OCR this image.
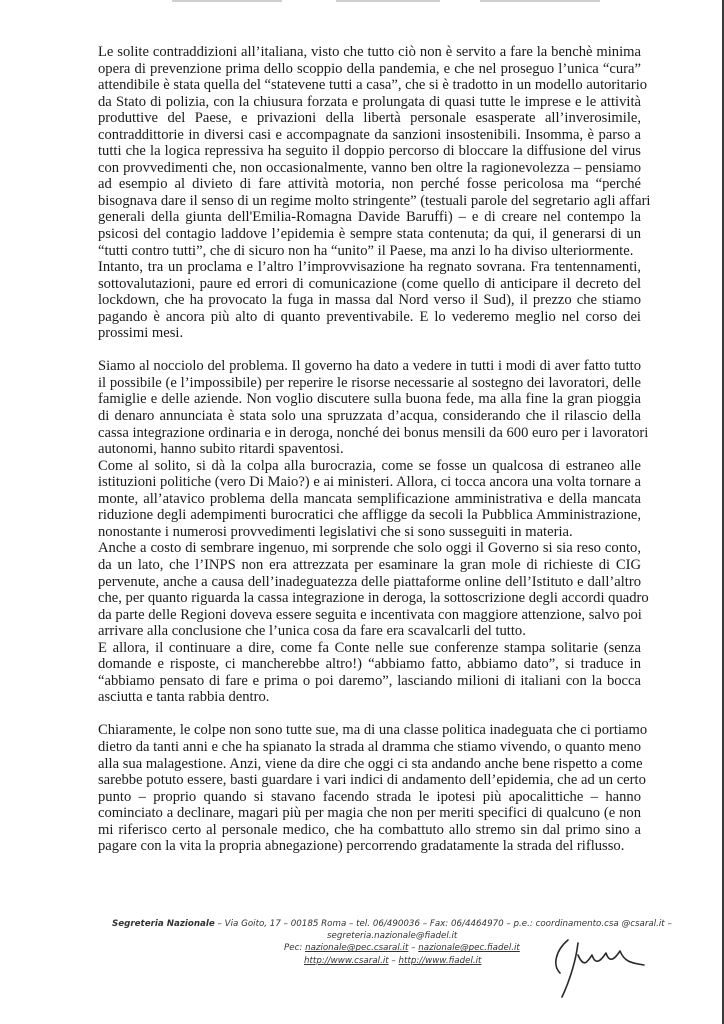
Le solite contraddizioni all’italiana, visto che tutto ciò non è servito a fare la benchè minima
opera di prevenzione prima dello scoppio della pandemia, e che nel proseguo l’unica “cura”
attendibile è stata quella del “statevene tutti a casa”, che si è tradotto in un modello autoritario
da Stato di polizia, con la chiusura forzata e prolungata di quasi tutte le imprese e le attività
produttive del Paese, e privazioni della libertà personale esasperate all’inverosimile,
contraddittorie in diversi casi e accompagnate da sanzioni insostenibili. Insomma, è parso a
tutti che la logica repressiva ha seguito il doppio percorso di bloccare la diffusione del virus
con provvedimenti che, non occasionalmente, vanno ben oltre la ragionevolezza – pensiamo
ad esempio al divieto di fare attività motoria, non perché fosse pericolosa ma “perché
bisognava dare il senso di un regime molto stringente” (testuali parole del segretario agli affari
generali della giunta dell'Emilia-Romagna Davide Baruffi) – e di creare nel contempo la
psicosi del contagio laddove l’epidemia è sempre stata contenuta; da qui, il generarsi di un
“tutti contro tutti”, che di sicuro non ha “unito” il Paese, ma anzi lo ha diviso ulteriormente.
Intanto, tra un proclama e l’altro l’improvvisazione ha regnato sovrana. Fra tentennamenti,
sottovalutazioni, paure ed errori di comunicazione (come quello di anticipare il decreto del
lockdown, che ha provocato la fuga in massa dal Nord verso il Sud), il prezzo che stiamo
pagando è ancora più alto di quanto preventivabile. E lo vederemo meglio nel corso dei
prossimi mesi.
Siamo al nocciolo del problema. Il governo ha dato a vedere in tutti i modi di aver fatto tutto
il possibile (e l’impossibile) per reperire le risorse necessarie al sostegno dei lavoratori, delle
famiglie e delle aziende. Non voglio discutere sulla buona fede, ma alla fine la gran pioggia
di denaro annunciata è stata solo una spruzzata d’acqua, considerando che il rilascio della
cassa integrazione ordinaria e in deroga, nonché dei bonus mensili da 600 euro per i lavoratori
autonomi, hanno subito ritardi spaventosi.
Come al solito, si dà la colpa alla burocrazia, come se fosse un qualcosa di estraneo alle
istituzioni politiche (vero Di Maio?) e ai ministeri. Allora, ci tocca ancora una volta tornare a
monte, all’atavico problema della mancata semplificazione amministrativa e della mancata
riduzione degli adempimenti burocratici che affligge da secoli la Pubblica Amministrazione,
nonostante i numerosi provvedimenti legislativi che si sono susseguiti in materia.
Anche a costo di sembrare ingenuo, mi sorprende che solo oggi il Governo si sia reso conto,
da un lato, che l’INPS non era attrezzata per esaminare la gran mole di richieste di CIG
pervenute, anche a causa dell’inadeguatezza delle piattaforme online dell’Istituto e dall’altro
che, per quanto riguarda la cassa integrazione in deroga, la sottoscrizione degli accordi quadro
da parte delle Regioni doveva essere seguita e incentivata con maggiore attenzione, salvo poi
arrivare alla conclusione che l’unica cosa da fare era scavalcarli del tutto.
E allora, il continuare a dire, come fa Conte nelle sue conferenze stampa solitarie (senza
domande e risposte, ci mancherebbe altro!) “abbiamo fatto, abbiamo dato”, si traduce in
“abbiamo pensato di fare e prima o poi daremo”, lasciando milioni di italiani con la bocca
asciutta e tanta rabbia dentro.
Chiaramente, le colpe non sono tutte sue, ma di una classe politica inadeguata che ci portiamo
dietro da tanti anni e che ha spianato la strada al dramma che stiamo vivendo, o quanto meno
alla sua malagestione. Anzi, viene da dire che oggi ci sta andando anche bene rispetto a come
sarebbe potuto essere, basti guardare i vari indici di andamento dell’epidemia, che ad un certo
punto – proprio quando si stavano facendo strada le ipotesi più apocalittiche – hanno
cominciato a declinare, magari più per magia che non per meriti specifici di qualcuno (e non
mi riferisco certo al personale medico, che ha combattuto allo stremo sin dal primo sino a
pagare con la vita la propria abnegazione) percorrendo gradatamente la strada del riflusso.
Segreteria Nazionale – Via Goito, 17 – 00185 Roma – tel. 06/490036 – Fax: 06/4464970 – p.e.: coordinamento.csa @csaral.it –
segreteria.nazionale@fiadel.it
Pec: nazionale@pec.csaral.it – nazionale@pec.fiadel.it
http://www.csaral.it – http://www.fiadel.it
